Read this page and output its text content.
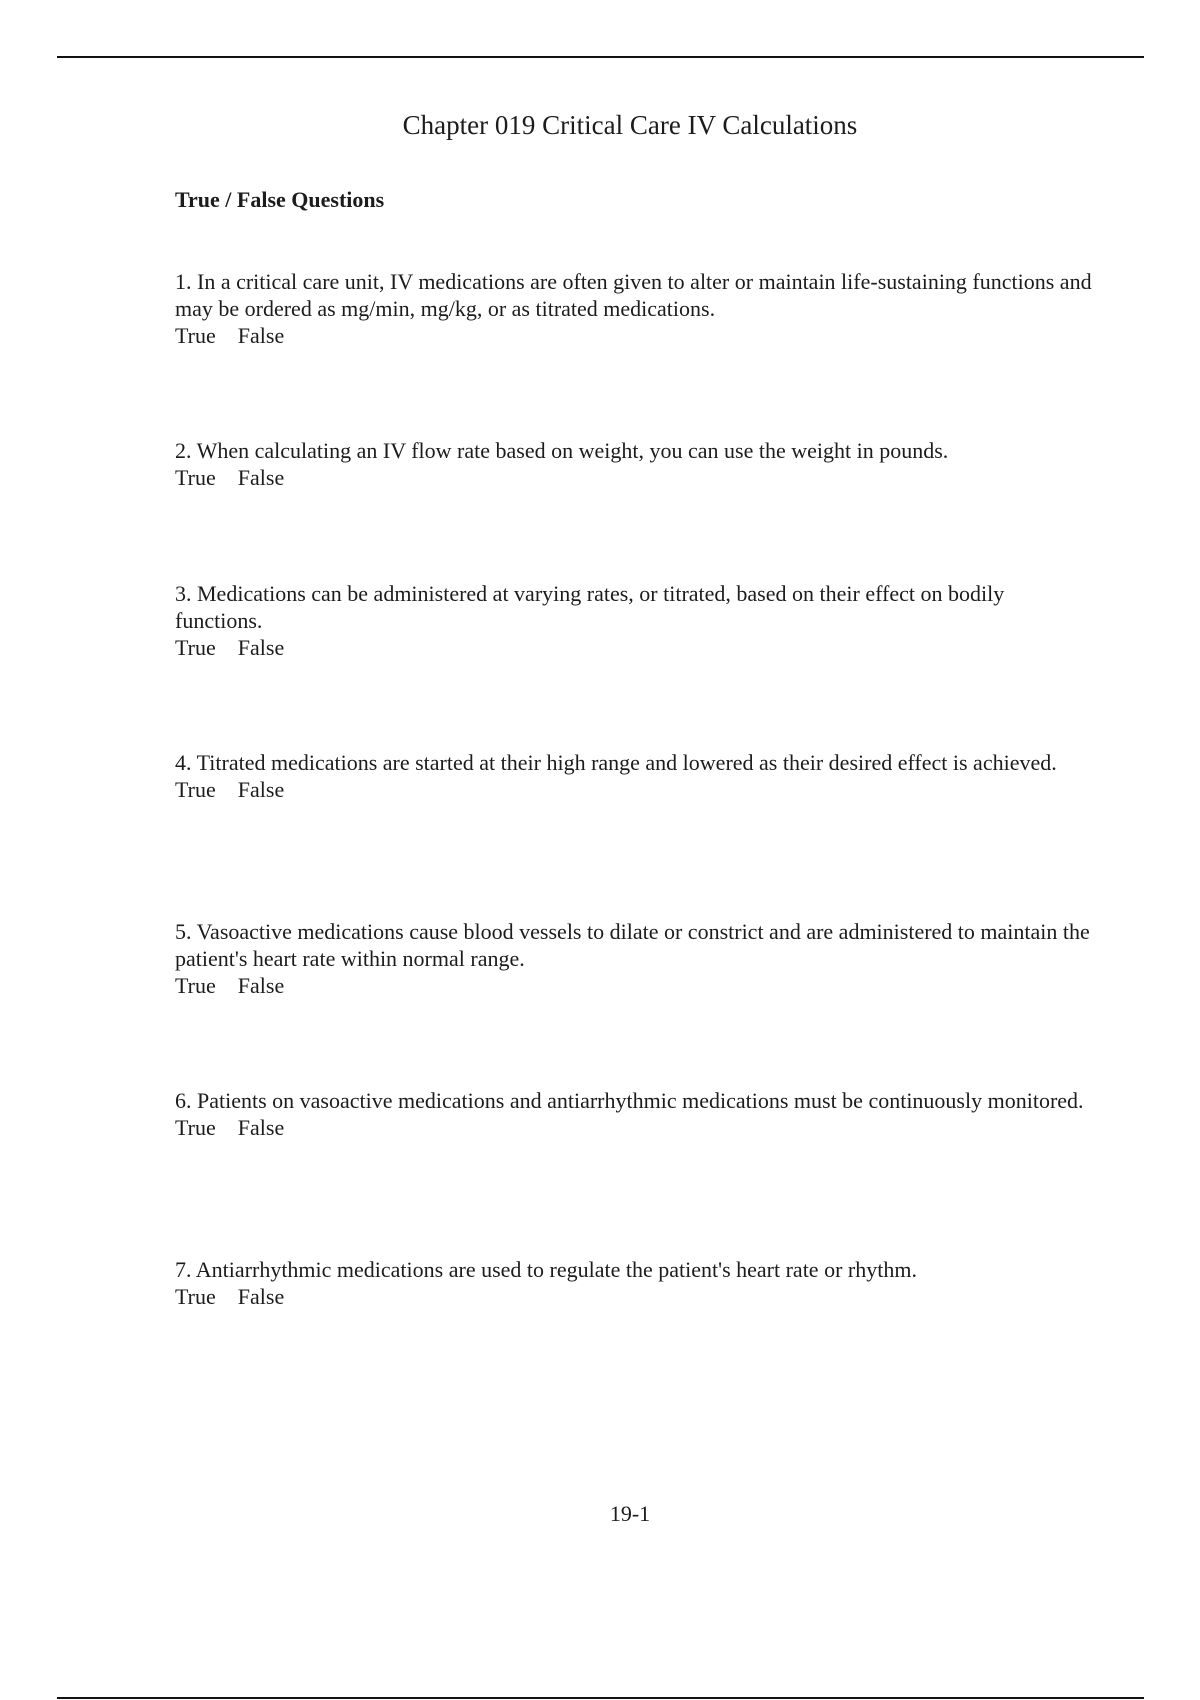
Chapter 019 Critical Care IV Calculations
True / False Questions
1. In a critical care unit, IV medications are often given to alter or maintain life-sustaining functions and may be ordered as mg/min, mg/kg, or as titrated medications.
True False
2. When calculating an IV flow rate based on weight, you can use the weight in pounds.
True False
3. Medications can be administered at varying rates, or titrated, based on their effect on bodily functions.
True False
4. Titrated medications are started at their high range and lowered as their desired effect is achieved.
True False
5. Vasoactive medications cause blood vessels to dilate or constrict and are administered to maintain the patient's heart rate within normal range.
True False
6. Patients on vasoactive medications and antiarrhythmic medications must be continuously monitored.
True False
7. Antiarrhythmic medications are used to regulate the patient's heart rate or rhythm.
True False
19-1
